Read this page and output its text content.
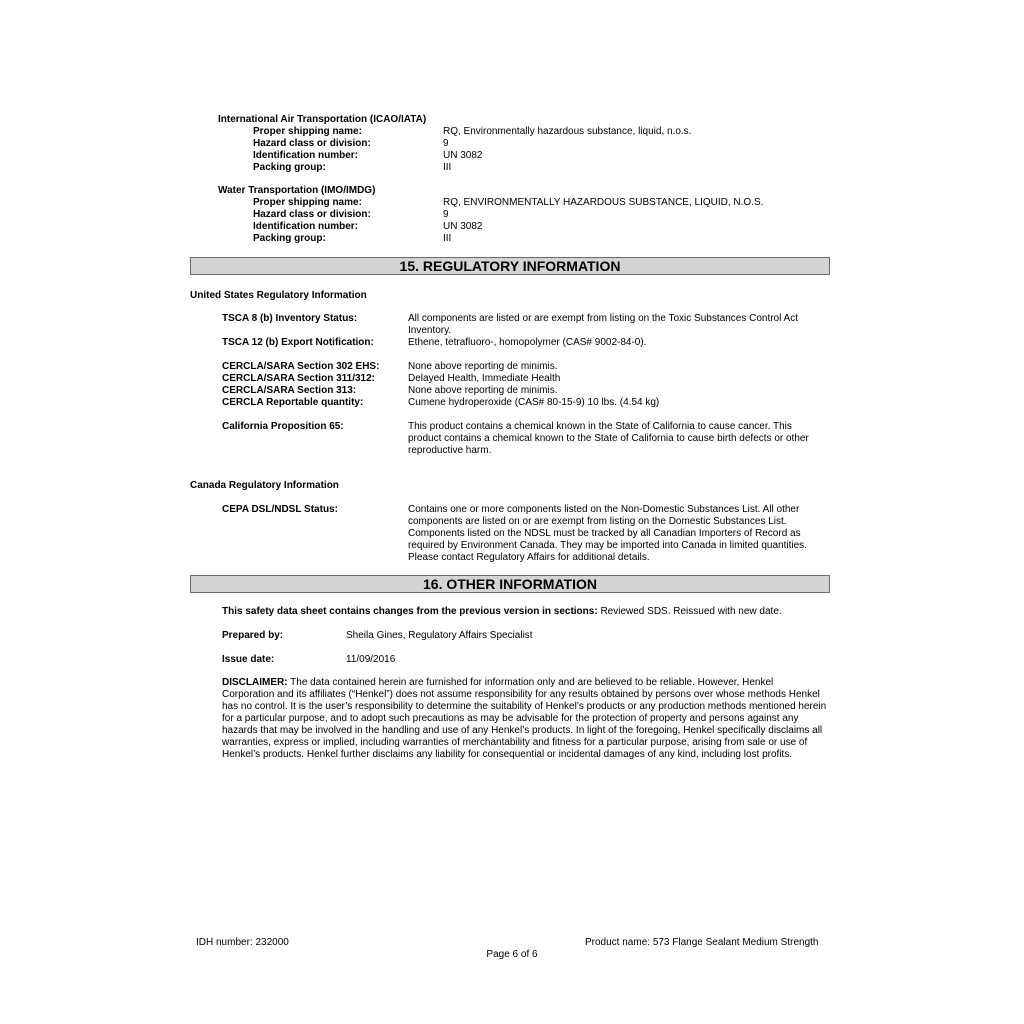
International Air Transportation (ICAO/IATA)
Proper shipping name:	RQ, Environmentally hazardous substance, liquid, n.o.s.
Hazard class or division:	9
Identification number:	UN 3082
Packing group:	III
Water Transportation (IMO/IMDG)
Proper shipping name:	RQ, ENVIRONMENTALLY HAZARDOUS SUBSTANCE, LIQUID, N.O.S.
Hazard class or division:	9
Identification number:	UN 3082
Packing group:	III
15. REGULATORY INFORMATION
United States Regulatory Information
TSCA 8 (b) Inventory Status:	All components are listed or are exempt from listing on the Toxic Substances Control Act Inventory.
TSCA 12 (b) Export Notification:	Ethene, tetrafluoro-, homopolymer (CAS# 9002-84-0).
CERCLA/SARA Section 302 EHS:	None above reporting de minimis.
CERCLA/SARA Section 311/312:	Delayed Health, Immediate Health
CERCLA/SARA Section 313:	None above reporting de minimis.
CERCLA Reportable quantity:	Cumene hydroperoxide (CAS# 80-15-9) 10 lbs. (4.54 kg)
California Proposition 65:	This product contains a chemical known in the State of California to cause cancer. This product contains a chemical known to the State of California to cause birth defects or other reproductive harm.
Canada Regulatory Information
CEPA DSL/NDSL Status:	Contains one or more components listed on the Non-Domestic Substances List. All other components are listed on or are exempt from listing on the Domestic Substances List. Components listed on the NDSL must be tracked by all Canadian Importers of Record as required by Environment Canada. They may be imported into Canada in limited quantities. Please contact Regulatory Affairs for additional details.
16. OTHER INFORMATION
This safety data sheet contains changes from the previous version in sections: Reviewed SDS. Reissued with new date.
Prepared by:	Sheila Gines, Regulatory Affairs Specialist
Issue date:	11/09/2016
DISCLAIMER: The data contained herein are furnished for information only and are believed to be reliable. However, Henkel Corporation and its affiliates (“Henkel”) does not assume responsibility for any results obtained by persons over whose methods Henkel has no control. It is the user’s responsibility to determine the suitability of Henkel’s products or any production methods mentioned herein for a particular purpose, and to adopt such precautions as may be advisable for the protection of property and persons against any hazards that may be involved in the handling and use of any Henkel’s products. In light of the foregoing, Henkel specifically disclaims all warranties, express or implied, including warranties of merchantability and fitness for a particular purpose, arising from sale or use of Henkel’s products. Henkel further disclaims any liability for consequential or incidental damages of any kind, including lost profits.
IDH number: 232000	Product name: 573 Flange Sealant Medium Strength
Page 6 of 6
